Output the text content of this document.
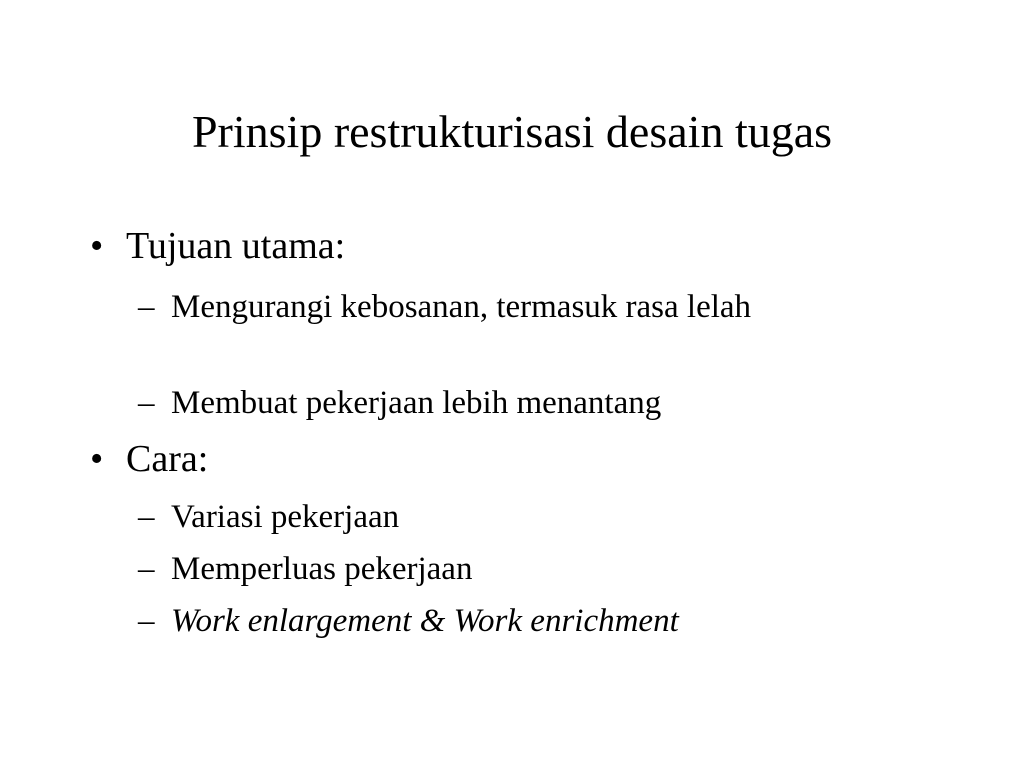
Prinsip restrukturisasi desain tugas
• Tujuan utama:
– Mengurangi kebosanan, termasuk rasa lelah
– Membuat pekerjaan lebih menantang
• Cara:
– Variasi pekerjaan
– Memperluas pekerjaan
– Work enlargement & Work enrichment
